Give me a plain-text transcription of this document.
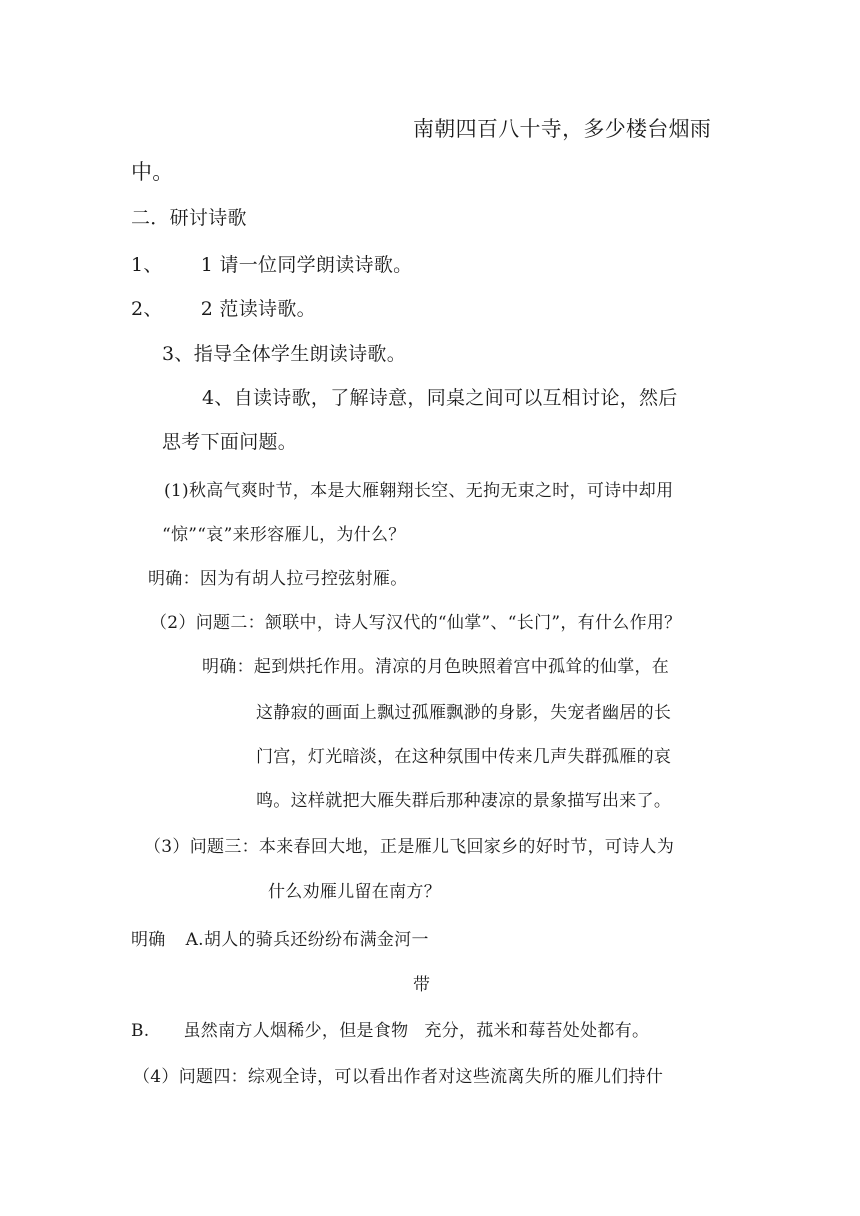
南朝四百八十寺，多少楼台烟雨
中。
二．研讨诗歌
1、 1 请一位同学朗读诗歌。
2、 2 范读诗歌。
3、指导全体学生朗读诗歌。
4、自读诗歌，了解诗意，同桌之间可以互相讨论，然后
思考下面问题。
(1)秋高气爽时节，本是大雁翱翔长空、无拘无束之时，可诗中却用
“惊”“哀”来形容雁儿，为什么？
明确：因为有胡人拉弓控弦射雁。
（2）问题二：颔联中，诗人写汉代的“仙掌”、“长门”，有什么作用？
明确：起到烘托作用。清凉的月色映照着宫中孤耸的仙掌，在
这静寂的画面上飘过孤雁飘渺的身影，失宠者幽居的长
门宫，灯光暗淡，在这种氛围中传来几声失群孤雁的哀
鸣。这样就把大雁失群后那种凄凉的景象描写出来了。
（3）问题三：本来春回大地，正是雁儿飞回家乡的好时节，可诗人为
什么劝雁儿留在南方？
明确 A.胡人的骑兵还纷纷布满金河一
带
B. 虽然南方人烟稀少，但是食物 充分，菰米和莓苔处处都有。
（4）问题四：综观全诗，可以看出作者对这些流离失所的雁儿们持什
